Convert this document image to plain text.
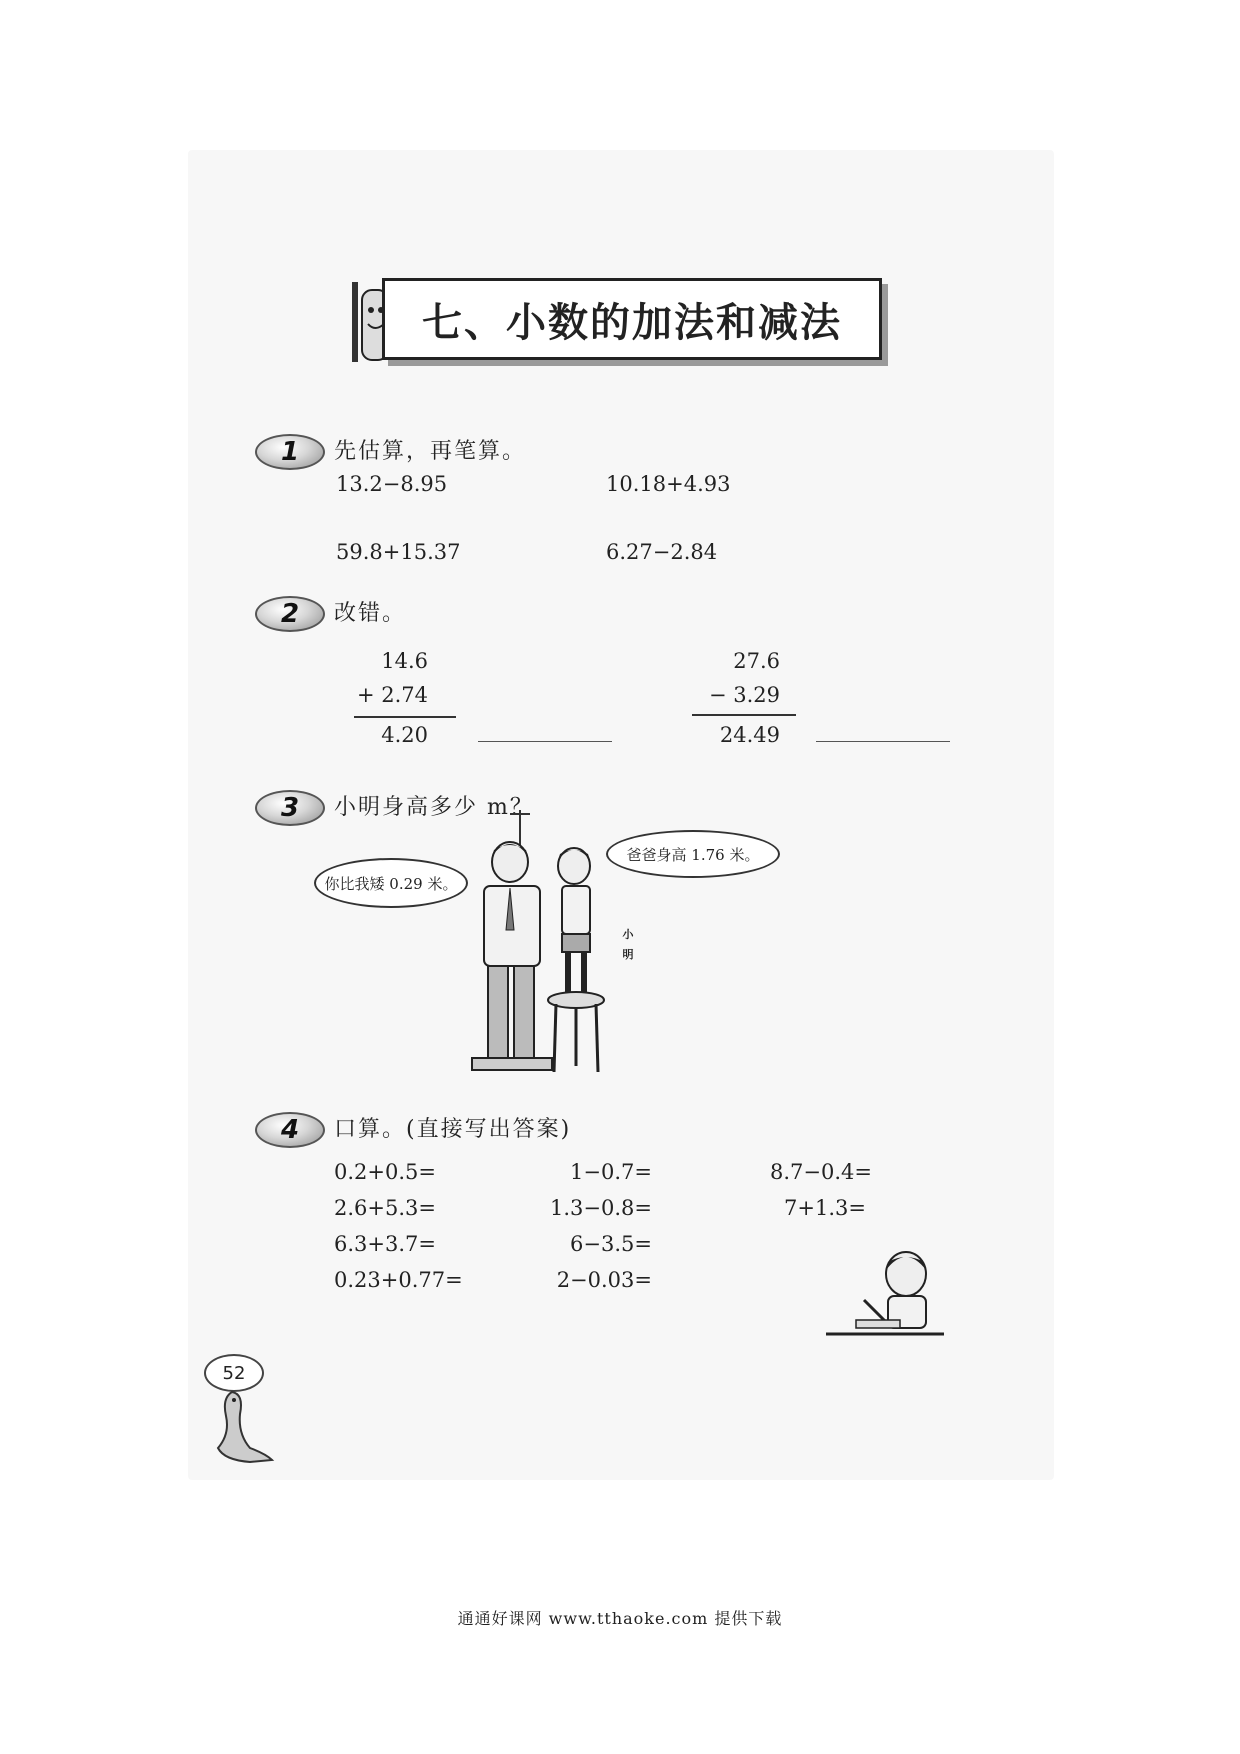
七、小数的加法和减法
1	先估算，再笔算。
13.2−8.95	10.18+4.93
59.8+15.37	6.27−2.84
2	改错。
14.6
+ 2.74
4.20
27.6
− 3.29
24.49
3	小明身高多少 m？
你比我矮 0.29 米。
爸爸身高 1.76 米。
小明
4	口算。(直接写出答案)
0.2+0.5=	1−0.7=	8.7−0.4=
2.6+5.3=	1.3−0.8=	7+1.3=
6.3+3.7=	6−3.5=
0.23+0.77=	2−0.03=
52
通通好课网 www.tthaoke.com 提供下载
